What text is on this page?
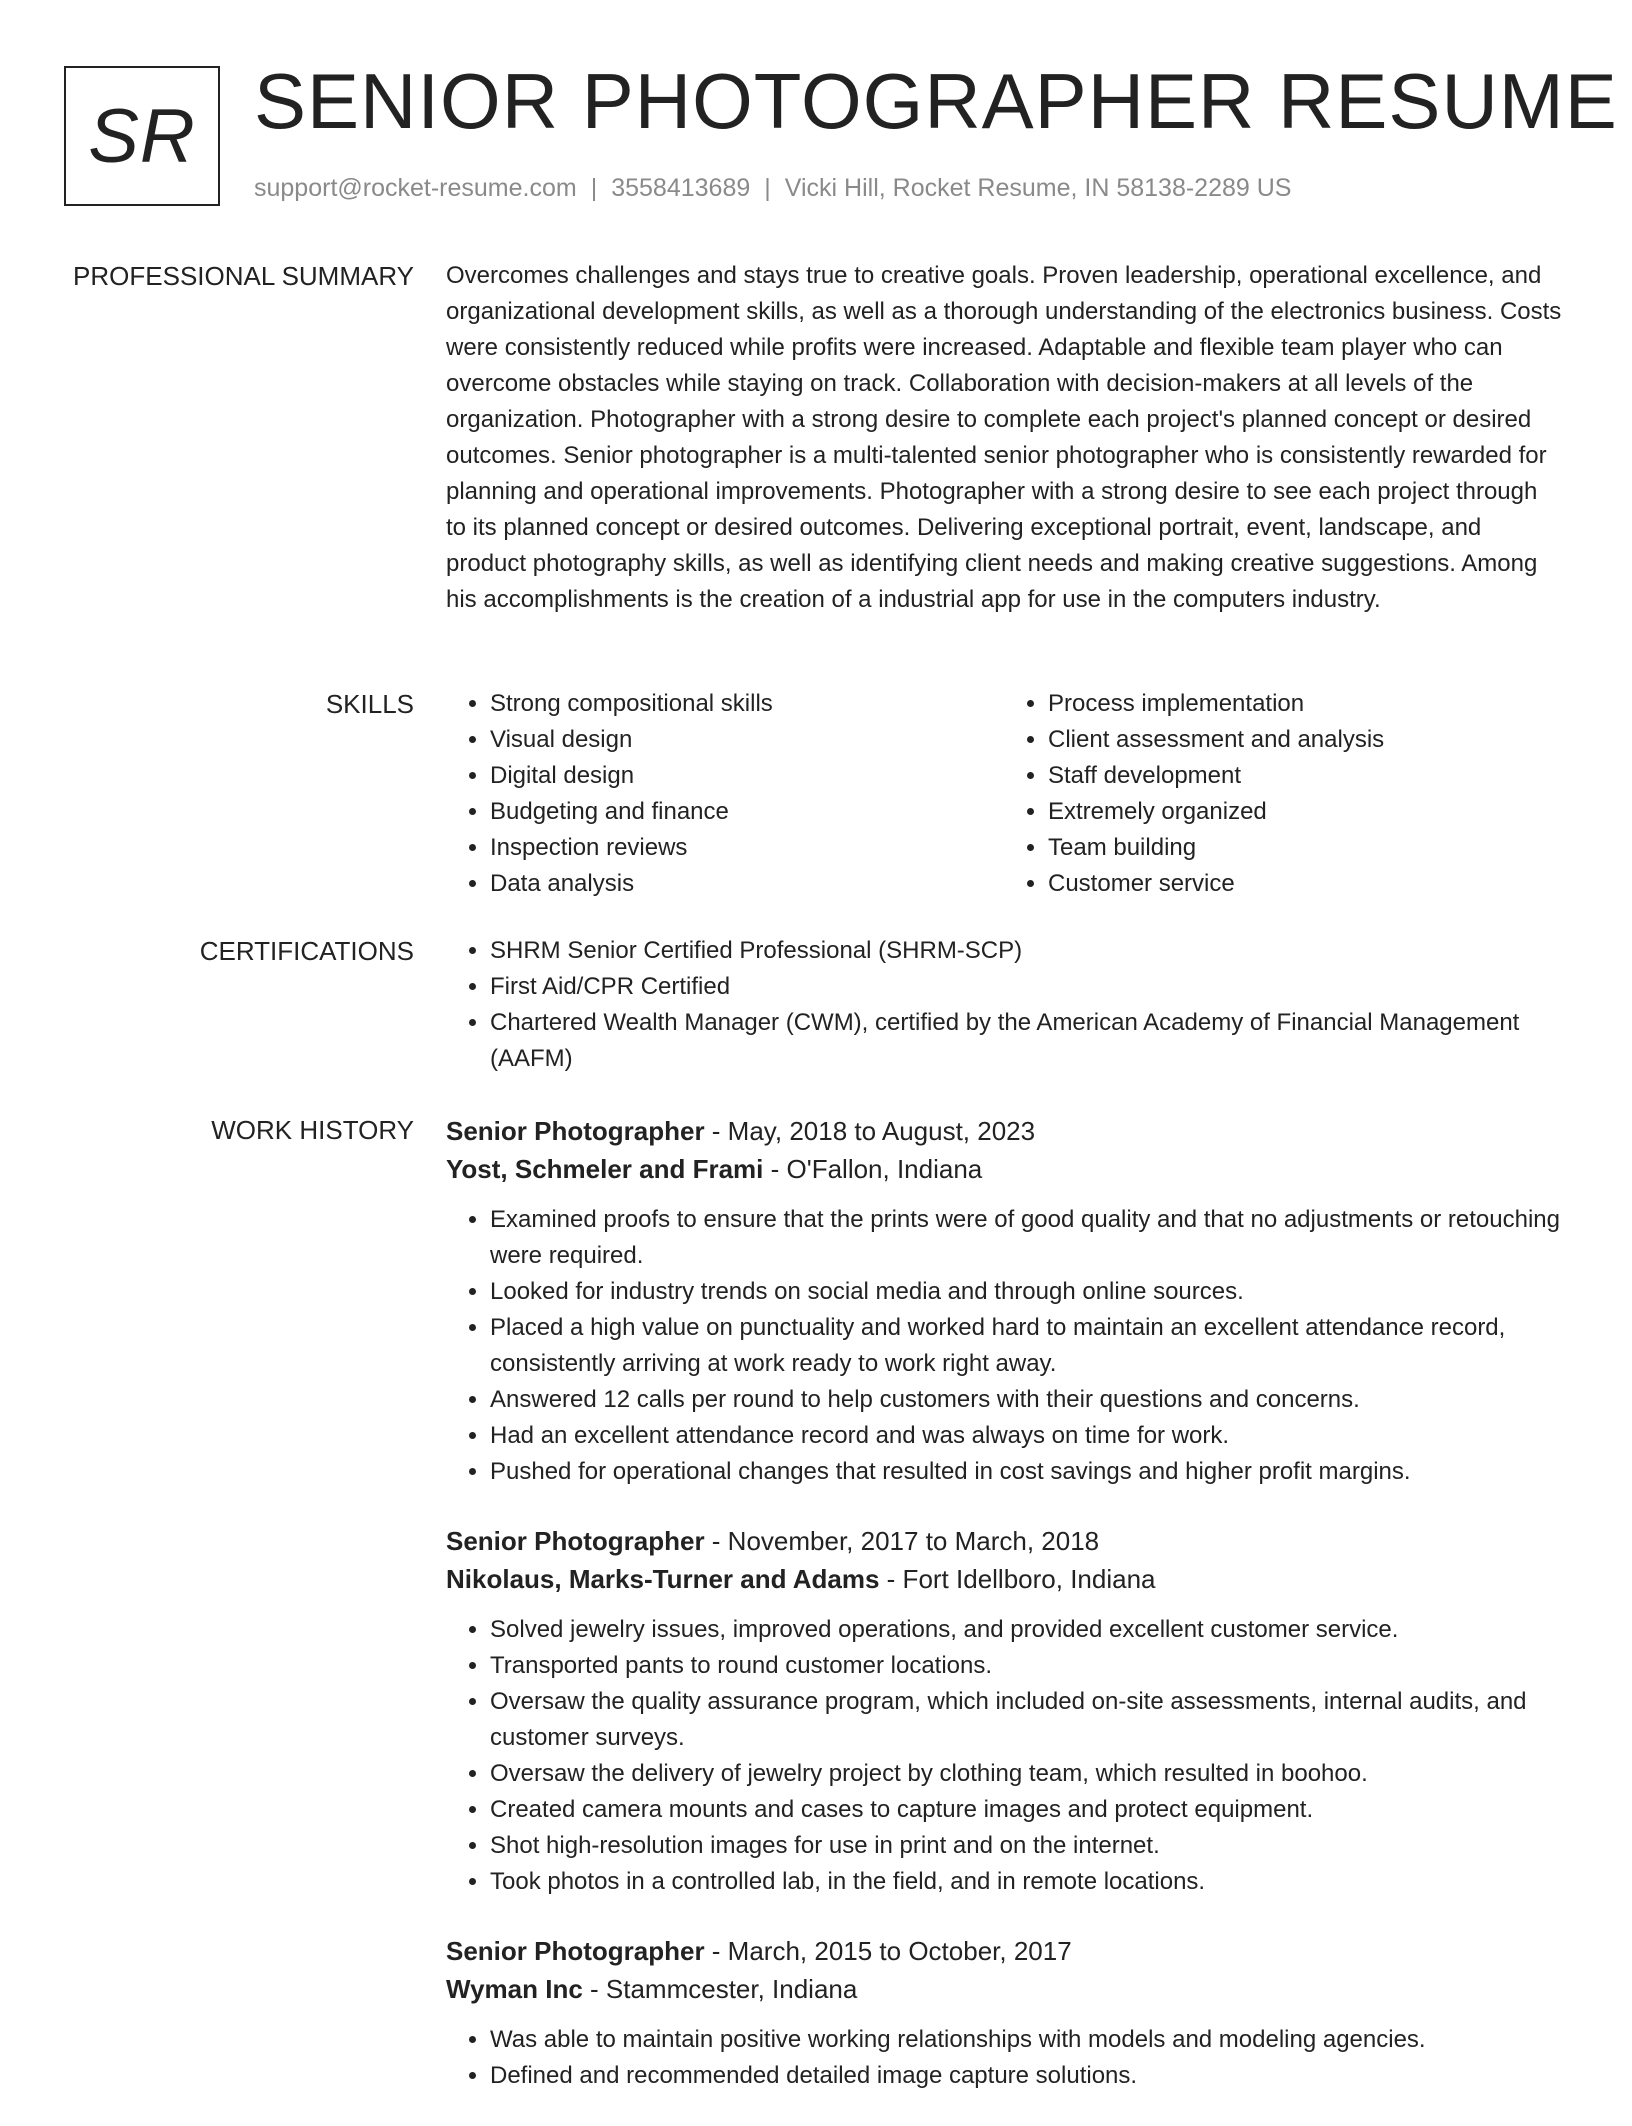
SR SENIOR PHOTOGRAPHER RESUME
support@rocket-resume.com | 3558413689 | Vicki Hill, Rocket Resume, IN 58138-2289 US
PROFESSIONAL SUMMARY Overcomes challenges and stays true to creative goals. Proven leadership, operational excellence, and organizational development skills, as well as a thorough understanding of the electronics business. Costs were consistently reduced while profits were increased. Adaptable and flexible team player who can overcome obstacles while staying on track. Collaboration with decision-makers at all levels of the organization. Photographer with a strong desire to complete each project's planned concept or desired outcomes. Senior photographer is a multi-talented senior photographer who is consistently rewarded for planning and operational improvements. Photographer with a strong desire to see each project through to its planned concept or desired outcomes. Delivering exceptional portrait, event, landscape, and product photography skills, as well as identifying client needs and making creative suggestions. Among his accomplishments is the creation of a industrial app for use in the computers industry.
SKILLS	• Strong compositional skills
• Visual design
• Digital design
• Budgeting and finance
• Inspection reviews
• Data analysis
• Process implementation
• Client assessment and analysis
• Staff development
• Extremely organized
• Team building
• Customer service
CERTIFICATIONS	• SHRM Senior Certified Professional (SHRM-SCP)
• First Aid/CPR Certified
• Chartered Wealth Manager (CWM), certified by the American Academy of Financial Management (AAFM)
WORK HISTORY Senior Photographer - May, 2018 to August, 2023
Yost, Schmeler and Frami - O'Fallon, Indiana
• Examined proofs to ensure that the prints were of good quality and that no adjustments or retouching were required.
• Looked for industry trends on social media and through online sources.
• Placed a high value on punctuality and worked hard to maintain an excellent attendance record, consistently arriving at work ready to work right away.
• Answered 12 calls per round to help customers with their questions and concerns.
• Had an excellent attendance record and was always on time for work.
• Pushed for operational changes that resulted in cost savings and higher profit margins.
Senior Photographer - November, 2017 to March, 2018
Nikolaus, Marks-Turner and Adams - Fort Idellboro, Indiana
• Solved jewelry issues, improved operations, and provided excellent customer service.
• Transported pants to round customer locations.
• Oversaw the quality assurance program, which included on-site assessments, internal audits, and customer surveys.
• Oversaw the delivery of jewelry project by clothing team, which resulted in boohoo.
• Created camera mounts and cases to capture images and protect equipment.
• Shot high-resolution images for use in print and on the internet.
• Took photos in a controlled lab, in the field, and in remote locations.
Senior Photographer - March, 2015 to October, 2017
Wyman Inc - Stammcester, Indiana
• Was able to maintain positive working relationships with models and modeling agencies.
• Defined and recommended detailed image capture solutions.
